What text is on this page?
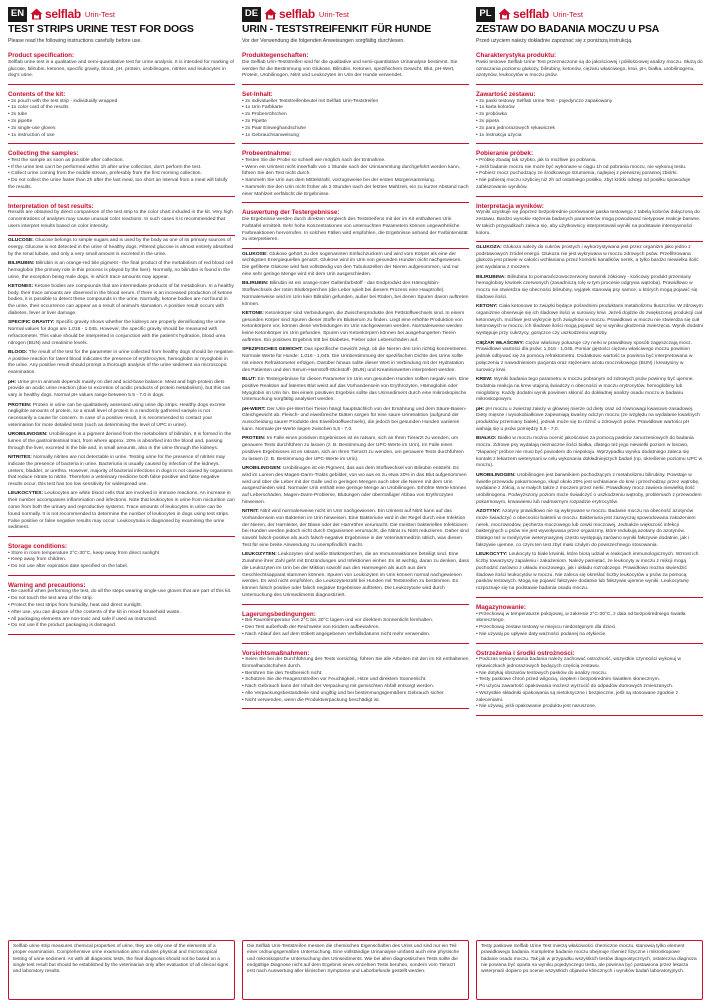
EN selflab Urin-Test
TEST STRIPS URINE TEST FOR DOGS
Please read the following instructions carefully before use.
Product specification:
Selflab urine test is a qualitative and semi-quantitative test for urine analysis. It is intended for marking of glucose, bilirubin, ketones, specific gravity, blood, pH, protein, urobilinogen, nitrites and leukocytes in dog's urine.
Contents of the kit:
• 2x pouch with the test strip - individually wrapped
• 1x color card of the results
• 2x tube
• 2x pipette
• 2x single-use gloves
• 1x instruction of use
Collecting the samples:
• Test the sample as soon as possible after collection.
• If the urine test can't be performed within 1h after urine collection, don't perform the test.
• Collect urine coming from the middle stream, preferably from the first morning collection.
• Do not collect the urine faster than 2h after the last meal, too short an interval from a meal will falsify the results.
Interpretation of test results:
Results are obtained by direct comparison of the test strip to the color chart included in the kit. Very high concentrations of analytes may cause unusual color reactions. In such cases it is recommended that users interpret results based on color intensity.
GLUCOSE: Glucose belongs to simple sugars and is used by the body as one of its primary sources of energy. Glucose is not detected in the urine of healthy dogs. Filtered glucose is almost entirely absorbed by the renal tubule, and only a very small amount is excreted in the urine.
BILIRUBIN: Bilirubin is an orange-red bile pigment - the final product of the metabolism of red blood cell hemoglobin (the primary role in this process is played by the liver). Normally, no bilirubin is found in the urine, the exception being male dogs, in which trace amounts may appear.
KETONES: Ketone bodies are compounds that are intermediate products of fat metabolism. In a healthy body, their trace amounts are observed in the blood serum. If there is an increased production of ketone bodies, it is possible to detect these compounds in the urine. Normally, ketone bodies are not found in the urine, their occurrence can appear as a result of animal's starvation. A positive result occurs with diabetes, fever or liver damage.
SPECIFIC GRAVITY: Specific gravity shows whether the kidneys are properly densificating the urine. Normal values for dogs are 1.016 - 1.045. However, the specific gravity should be measured with refractometer. This value should be interpreted in conjunction with the patient's hydration, blood urea nitrogen (BUN) and creatinine levels.
BLOOD: The result of the test for the parameter in urine collected from healthy dogs should be negative. A positive reaction for latent blood indicates the presence of erythrocytes, hemoglobin or myoglobin in the urine. Any positive result should prompt a thorough analysis of the urine sediment via microscopic examination.
pH: Urine pH in animals depends mainly on diet and acid-base balance. Meat and high-protein diets provide an acidic urine reaction (due to excretion of acidic products of protein metabolism), but this can vary in healthy dogs. Normal pH values range between 5.5 - 7.0 in dogs.
PROTEIN: Protein in urine can be qualitatively assessed using urine dip strips. Healthy dogs excrete negligible amounts of protein, so a small level of protein in a randomly gathered sample is not necessarily a cause for concern. In case of a positive result, it is recommended to contact your veterinarian for more detailed tests (such as determining the level of UPC in urine).
UROBILINOGEN: Urobilinogen is a pigment derived from the metabolism of bilirubin. It is formed in the lumen of the gastrointestinal tract, from where approx. 20% is absorbed into the blood and, passing through the liver, excreted in the bile and, in small amounts, also in the urine through the kidneys.
NITRITES: Normally nitrites are not detectable in urine. Testing urine for the presence of nitrites may indicate the presence of bacteria in urine. Bacteriuria is usually caused by infection of the kidneys, ureters, bladder, or urethra. However, majority of bacterial infections in dogs is not caused by organisms that reduce nitrate to nitrite. Therefore a veterinary medicine both false positive and false negative results occur, this test has too low sensitivity for widespread use.
LEUKOCYTES: Leukocytes are white blood cells that are involved in immune reactions. An increase in their number accompanies inflammation and infections. Note that leukocytes in urine from micturition can come from both the urinary and reproductive systems. Trace amounts of leukocytes in urine can be found normally. It is not recommended to determine the number of leukocytes in dogs using test strips. False positive or false negative results may occur. Leukocyturia is diagnosed by examining the urine sediment.
Storage conditions:
• Store in room temperature 2°C-30°C, keep away from direct sunlight
• Keep away from children.
• Do not use after expiration date specified on the label.
Warning and precautions:
• Be careful when performing the test, do all the steps wearing single-use gloves that are part of this kit.
• Do not touch the test area of the strip.
• Protect the test strips from humidity, heat and direct sunlight.
• After use, you can dispose of the contents of the kit in mixed household waste.
• All packaging elements are non-toxic and safe if used as instructed.
• Do not use if the product packaging is damaged.
Selflab urine strip measures chemical properties of urine, they are only one of the elements of a proper examination. Comprehensive urine examination also includes physical and microscopical testing of urine sediment. As with all diagnostic tests, the final diagnosis should not be based on a single test result but should be established by the veterinarian only after evaluation of all clinical signs and laboratory results.
DE selflab Urin-Test
URIN - TESTSTREIFENKIT FÜR HUNDE
Vor der Verwendung die folgenden Anweisungen sorgfältig durchlesen.
Produktegenschaften:
Die Selflab Urin-Teststreifen sind für die qualitative und semi-quantitative Urinanalyse bestimmt. Sie werden für die Bestimmung von Glukose, Bilirubin, Ketonen, spezifischem Gewicht, Blut, pH-Wert, Protein, Urobilinogen, Nitrit und Leukozyten im Urin der Hunde verwendet.
Set-Inhalt:
• 2x individueller Teststreifenbeutel mit Selflab Urin-Teststreifen
• 1x Urin Farbkarte
• 2x Probenröhrchen
• 2x Pipette
• 2x Paar Einweghandschuhe
• 1x Gebrauchsanweisung
Probeentnahme:
• Testen Sie die Probe so schnell wie möglich nach der Entnahme.
• Wenn ein Urintest nicht innerhalb von 1 Stunde nach der Urinsammlung durchgeführt werden kann, führen Sie den Test nicht durch.
• Sammeln Sie Urin aus dem Mittelstrahl, vorzugsweise bei der ersten Morgensammlung.
• Sammeln Sie den Urin nicht früher als 2 Stunden nach der letzten Mahlzeit, ein zu kurzer Abstand nach einer Mahlzeit verfälscht die Ergebnisse.
Auswertung der Testergebnisse:
Die Ergebnisse werden durch direkten Vergleich des Teststreifens mit der im Kit enthaltenen Urin Farbtafel ermittelt. Sehr hohe Konzentrationen von untersuchten Parametern können ungewöhnliche Farbreaktionen hervorrufen. In solchen Fällen wird empfohlen, die Ergebnisse anhand der Farbintensität zu interpretieren.
GLUKOSE: Glukose gehört zu den sogenannten Einfachzuckern und wird vom Körper als eine der wichtigsten Energiequellen genutzt. Glukose wird im Urin von gesunden Hunden nicht nachgewiesen. Die gefilterte Glukose wird fast vollständig von den Tubuluszellen der Nieren aufgenommen, und nur eine sehr geringe Menge wird mit dem Urin ausgeschieden.
BILIRUBIN: Bilirubin ist ein orange-roter Gallenfarbstoff - das Endprodukt des Hämoglobin-Stoffwechsels der roten Blutkörperchen (die Leber spielt bei diesem Prozess eine Hauptrolle). Normalerweise wird im Urin kein Bilirubin gefunden, außer bei Rüden, bei denen Spuren davon auftreten können.
KETONE: Ketonkörper sind Verbindungen, die Zwischenprodukte des Fettstoffwechsels sind. In einem gesunden Körper sind Spuren dieser Stoffe im Blutserum zu finden. Liegt eine erhöhte Produktion von Ketonkörpern vor, können diese Verbindungen im Urin nachgewiesen werden. Normalerweise werden keine Ketonkörper im Urin gefunden. Spuren von Ketonkörpern können bei ausgehungerten Tieren auftreten. Ein positives Ergebnis tritt bei Diabetes, Fieber oder Leberschäden auf.
SPEZIFISCHES GEWICHT: Das spezifische Gewicht zeigt, ob die Nieren den Urin richtig konzentrieren. Normale Werte für Hunde: 1,016 - 1,045. Die Urinbestimmung der spezifischen Dichte des Urins sollte mit einem Refraktometer erfolgen. Darüber hinaus sollte dieser Wert in Verbindung mit der Hydratation des Patienten und den Serum-Harnstoff-Stickstoff- (BUN) und Kreatininwerten interpretiert werden.
BLUT: Ein Testergebnisse für diesen Parameter im Urin von gesunden Hunden sollten negativ sein. Eine positive Reaktion auf latentes Blut weist auf das Vorhandensein von Erythrozyten, Hämoglobin oder Myoglobin im Urin hin. Bei einem positiven Ergebnis sollte das Urinsediment durch eine mikroskopische Untersuchung sorgfältig analysiert werden.
pH-WERT: Der Urin-pH-Wert bei Tieren hängt hauptsächlich von der Ernährung und dem Säure-Basen-Gleichgewicht ab. Fleisch- und eiweißreiche Diäten sorgen für eine saure Urinreaktion (aufgrund der Ausscheidung saurer Produkte des Eiweißstoffwechsels), die jedoch bei gesunden Hunden variieren kann. Normale pH-Werte liegen zwischen 5,5 - 7,0.
PROTEIN: Im Falle eines positiven Ergebnisses ist es ratsam, sich an Ihren Tierarzt zu wenden, um genauere Tests durchführen zu lassen (z. B. Bestimmung der UPC-Werte im Urin). Im Falle eines positiven Ergebnisses ist es ratsam, sich an Ihren Tierarzt zu wenden, um genauere Tests durchführen zu lassen (z. B. Bestimmung der UPC-Werte im Urin).
UROBILINOGEN: Urobilinogen ist ein Pigment, das aus dem Stoffwechsel von Bilirubin entsteht. Es wird im Lumen des Magen-Darm-Trakts gebildet, von wo aus es zu etwa 20% in das Blut aufgenommen wird und über die Leber mit der Galle und in geringen Mengen auch über die Nieren mit dem Urin ausgeschieden wird. Normaler Urin enthält eine geringe Menge an Urobilinogen. Erhöhte Werte können auf Leberschäden, Magen-Darm-Probleme, Blutungen oder übermäßiger Abbau von Erythrozyten hinweisen.
NITRIT: Nitrit wird normalerweise nicht im Urin nachgewiesen. Ein Urintest auf Nitrit kann auf das Vorhandensein von Bakterien im Urin hinweisen. Eine Bakteriurie wird in der Regel durch eine Infektion der Nieren, der Harnleiter, der Blase oder der Harnröhre verursacht. Die meisten bakteriellen Infektionen bei Hunden werden jedoch nicht durch Organismen verursacht, die Nitrat zu Nitrit reduzieren. Daher sind sowohl falsch-positive als auch falsch-negative Ergebnisse in der Veterinärmedizin üblich, was diesen Test für eine breite Anwendung zu unempfindlich macht.
LEUKOZYTEN: Leukozyten sind weiße Blutkörperchen, die an Immunreaktionen beteiligt sind. Eine Zunahme ihrer Zahl geht mit Entzündungen und Infektionen einher. Es ist wichtig, daran zu denken, dass die Leukozyten im Urin bei der Miktion sowohl aus den Harnwegen als auch aus dem Geschlechtsapparat stammen können. Spuren von Leukozyten im Urin können normal nachgewiesen werden. Es wird nicht empfohlen, die Leukozytenzahl bei Hunden mit Teststreifen zu bestimmen. Es können falsch positive oder falsch negative Ergebnisse auftreten. Die Leukozyturie wird durch Untersuchung des Urinsediments diagnostiziert.
Lagerungsbedingungen:
• Bei Raumtemperatur von 2°C bis 30°C lagern und vor direktem Sonnenlicht fernhalten.
• Den Test außerhalb der Reichweite von Kindern aufbewahren.
• Nach Ablauf des auf dem Etikett angegebenen Verfallsdatums nicht mehr verwenden.
Vorsichtsmaßnahmen:
• Seien Sie bei der Durchführung des Tests vorsichtig, führen Sie alle Arbeiten mit den im Kit enthaltenen Einmalhandschuhen durch.
• Berühren Sie den Testbereich nicht.
• Schützen Sie die Reagenzstreifen vor Feuchtigkeit, Hitze und direktem Sonnenlicht.
• Nach Gebrauch kann der Inhalt der Verpackung mit gemischten Abfall entsorgt werden.
• Alle Verpackungsbestandteile sind ungiftig und bei bestimmungsgemäßem Gebrauch sicher.
• Nicht verwenden, wenn die Produktverpackung beschädigt ist.
Die Selflab Urin-Teststreifen messen die chemischen Eigenschaften des Urins und sind nur ein Teil einer ordnungsgemäßen Untersuchung. Eine vollständige Urinanalyse umfasst auch eine physische und mikroskopische Untersuchung des Urinsediments. Wie bei allen diagnostischen Tests sollte die endgültige Diagnose nicht auf dem Ergebnis eines einzelnen Tests beruhen, sondern vom Tierarzt erst nach Auswertung aller klinischen Symptome und Laborbefunde gestellt werden.
PL selflab Urin-Test
ZESTAW DO BADANIA MOCZU U PSA
Przed użyciem należy dokładnie zapoznać się z poniższą instrukcją.
Charakterystyka produktu:
Paski testowe Selflab Urine Test przeznaczone są do jakościowej i półilościowej analizy moczu. Służą do oznaczania poziomu glukozy, bilirubiny, ketonów, ciężaru właściwego, krwi, pH, białka, urobilinogenu, azotynów, leukocytów w moczu psów.
Zawartość zestawu:
• 2x paski testowy Selflab Urine Test - pojedynczo zapakowany
• 1x karta kolorów
• 2x probówka
• 2x pipeta
• 2x para jednorazowych rękawiczek
• 1x instrukcja użycia
Pobieranie próbek:
• Próbkę zbadaj tak szybko, jak to możliwe po pobraniu.
• Jeśli badanie moczu nie może być wykonane w ciągu 1h od pobrania moczu, nie wykonuj testu.
• Pobierz mocz pochodzący ze środkowego strumienia, najlepiej z pierwszej porannej zbiórki.
• Nie pobieraj moczu szybciej niż 2h od ostatniego posiłku, zbyt krótki odstęp od posiłku spowoduje zafałszowanie wyników.
Interpretacja wyników:
Wyniki uzyskuje się poprzez bezpośrednie porównanie paska testowego z tabelą kolorów dołączoną do zestawu. Bardzo wysokie stężenia badanych parametrów mogą powodować nietypowe reakcje barwne. W takich przypadkach zaleca się, aby użytkownicy interpretowali wyniki na podstawie intensywności koloru.
GLUKOZA: Glukoza należy do cukrów prostych i wykorzystywana jest przez organizm jako jedno z podstawowych źródeł energii. Glukoza nie jest wykrywana w moczu zdrowych psów. Przefiltrowana glukoza jest prawie w całości wchłaniana przez komórki kanalików nerek, a tylko bardzo niewielka ilość jest wydalana z moczem.
BILIRUBINA: Bilirubina to pomarańczowoczerwony barwnik żółciowy - końcowy produkt przemiany hemoglobiny krwinek czerwonych (zasadniczą rolę w tym procesie odgrywa wątroba). Prawidłowo w moczu nie stwierdza się obecności bilirubiny, wyjątek stanowią psy samce, u których mogą pojawić się śladowe ilości.
KETONY: Ciała ketonowe to związki będące pośrednimi produktami metabolizmu tłuszczów. W zdrowym organizmie obserwuje się ich śladowe ilości w surowicy krwi. Jeżeli dojdzie do zwiększonej produkcji ciał ketonowych, możliwe jest wykrycie tych związków w moczu. Prawidłowo w moczu nie stwierdza się ciał ketonowych w moczu, ich śladowe ilości mogą pojawić się w wyniku głodzenia zwierzęcia. Wynik dodatni występuje przy cukrzycy, gorączce czy uszkodzeniu wątroby.
CIĘŻAR WŁAŚCIWY: Ciężar właściwy pokazuje czy nerki w prawidłowy sposób zagęszczają mocz. Prawidłowe wartości dla psów: 1,016 - 1,045. Pomiar gęstości ciężaru właściwego moczu powinien jednak odbywać się za pomocą refraktometru. Dodatkowo wartość ta powinna być interpretowana w połączeniu z nawodnieniem pacjenta oraz stężeniem azotu mocznikowego (BUN) i kreatyniny w surowicy krwi.
KREW: Wyniki badania tego parametru w moczu pobranym od zdrowych psów powinny być ujemne. Dodatnia reakcja na krew utajoną świadczy o obecności w moczu erytrocytów, hemoglobiny lub mioglobiny. Każdy dodatni wynik powinien skłonić do dokładnej analizy osadu moczu w badaniu mikroskopowym.
pH: pH moczu u zwierząt zależy w głównej mierze od diety oraz od równowagi kwasowo-zasadowej. Diety mięsne i wysokobiałkowe zapewniają kwaśny odczyn moczu (ze względu na wydalanie kwaśnych produktów przemiany białek), jednak może się to różnić u zdrowych psów. Prawidłowe wartości pH wahają się u psów pomiędzy 5,5 - 7,0.
BIAŁKO: Białko w moczu można ocenić jakościowo za pomocą pasków zanurzeniowych do badania moczu. Zdrowe psy wydalają nieznaczne ilości białka, dlatego też jego niewielki poziom w losowo, "złapanej" próbce nie musi być powodem do niepokoju. Wprzypadku wyniku dodatniego zaleca się kontakt z lekarzem weterynarii w celu wykonania dokładniejszych badań (np. określenie poziomu UPC w moczu).
UROBILINOGEN: Urobilinogen jest barwnikiem pochodzącym z metabolizmu bilirubiny. Powstaje w świetle przewodu pokarmowego, skąd około 20% jest wchłaniane do krwi i przechodząc przez wątrobę, wydalane z żółcią, a w małych także z moczem przez nerki. Prawidłowy mocz zawiera niewielką ilość urobilinogenu. Podwyższony poziom może świadczyć o uszkodzeniu wątroby, problemach z przewodem pokarmowym, krwawieniu lub nadmiernym rozpadzie erytrocytów.
AZOTYNY: Azotyny prawidłowo nie są wykrywane w moczu. Badanie moczu na obecność azotynów może świadczyć o obecności bakterii w moczu. Bakteriuria jest zazwyczaj spowodowana zakażeniem nerek, moczowodów, pęcherza moczowego lub cewki moczowej. Jednakże większość infekcji bakteryjnych u psów nie jest wywoływana przez organizmy, które redukują azotany do azotynów. Dlatego też w medycynie weterynaryjnej często występują zarówno wyniki fałszywie dodatnie, jak i fałszywie ujemne, co czyni ten test zbyt mało czułym do powszechnego stosowania.
LEUKOCYTY: Leukocyty to białe krwinki, które biorą udział w reakcjach immunologicznych. Wzrost ich liczby towarzyszy zapaleniu i zakażeniom. Należy pamiętać, że leukocyty w moczu z mikcji mogą pochodzić zarówno z układu moczowego, jak i układu rozrodczego. Prawidłowo można stwierdzić śladowe ilości leukocytów w moczu. Nie zaleca się określać liczby leukocytów u psów za pomocą pasków testowych. Mogą się pojawić fałszywie dodatnie lub fałszywie ujemne wyniki. Leukocyturię rozpoznaje się na podstawie badania osadu moczu.
Magazynowanie:
• Przechowuj w temperaturze pokojowej, w zakresie 2°C-30°C, z dala od bezpośredniego światła słonecznego.
• Przechowuj zestaw testowy w miejscu niedostępnym dla dzieci.
• Nie używaj po upływie daty ważności podanej na etykiecie.
Ostrzeżenia i środki ostrożności:
• Podczas wykonywania badania należy zachować ostrożność, wszystkie czynności wykonuj w rękawiczkach jednorazowych będących częścią zestawu.
• Nie dotykaj obszarów testowych pasków do analizy moczu.
• Testy paskowe chroń przed wilgocią, ciepłem i bezpośrednim światłem słonecznym.
• Po użyciu zawartość opakowania możesz wyrzucić do odpadów domowych zmieszanych.
• Wszystkie składniki opakowania są nietoksyczne i bezpieczne, jeśli są stosowane zgodnie z zaleceniami.
• Nie używaj, jeśli opakowanie produktu jest naruszone.
Testy paskowe Selflab Urine Test mierzą właściwości chemiczne moczu, stanowią tylko element prawidłowego badania. Kompletne badanie moczu obejmuje również fizyczne i mikroskopowe badanie osadu moczu. Tak jak w przypadku wszystkich testów diagnostycznych, ostateczna diagnoza nie powinna być oparta na wyniku pojedynczego testu, ale powinna być postawiona przez lekarza weterynarii dopiero po ocenie wszystkich objawów klinicznych i wyników badań laboratoryjnych.
